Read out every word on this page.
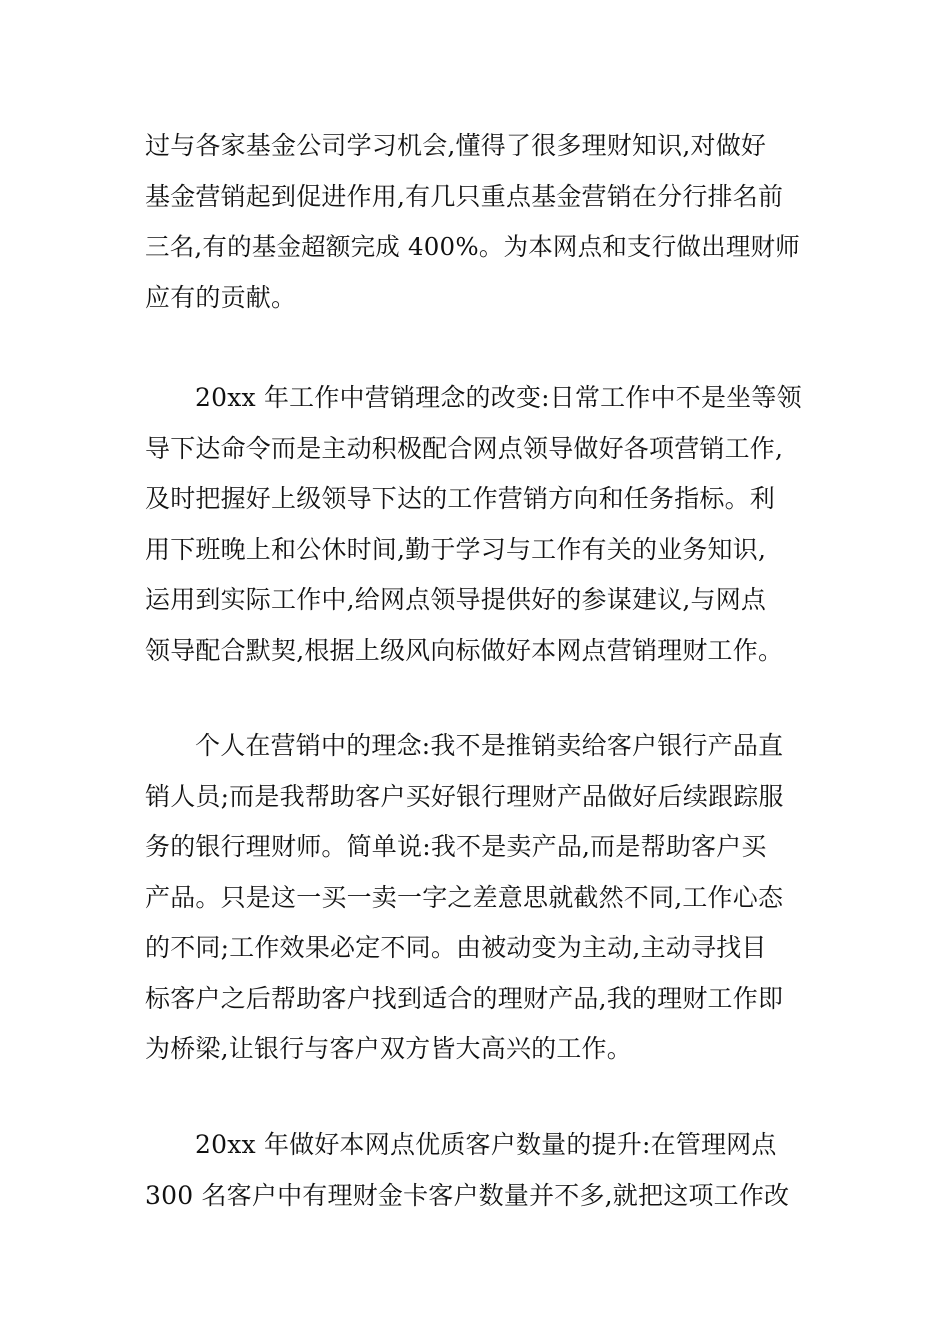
过与各家基金公司学习机会,懂得了很多理财知识,对做好
基金营销起到促进作用,有几只重点基金营销在分行排名前
三名,有的基金超额完成 400%。为本网点和支行做出理财师
应有的贡献。
20xx 年工作中营销理念的改变:日常工作中不是坐等领
导下达命令而是主动积极配合网点领导做好各项营销工作,
及时把握好上级领导下达的工作营销方向和任务指标。利
用下班晚上和公休时间,勤于学习与工作有关的业务知识,
运用到实际工作中,给网点领导提供好的参谋建议,与网点
领导配合默契,根据上级风向标做好本网点营销理财工作。
个人在营销中的理念:我不是推销卖给客户银行产品直
销人员;而是我帮助客户买好银行理财产品做好后续跟踪服
务的银行理财师。简单说:我不是卖产品,而是帮助客户买
产品。只是这一买一卖一字之差意思就截然不同,工作心态
的不同;工作效果必定不同。由被动变为主动,主动寻找目
标客户之后帮助客户找到适合的理财产品,我的理财工作即
为桥梁,让银行与客户双方皆大高兴的工作。
20xx 年做好本网点优质客户数量的提升:在管理网点
300 名客户中有理财金卡客户数量并不多,就把这项工作改
